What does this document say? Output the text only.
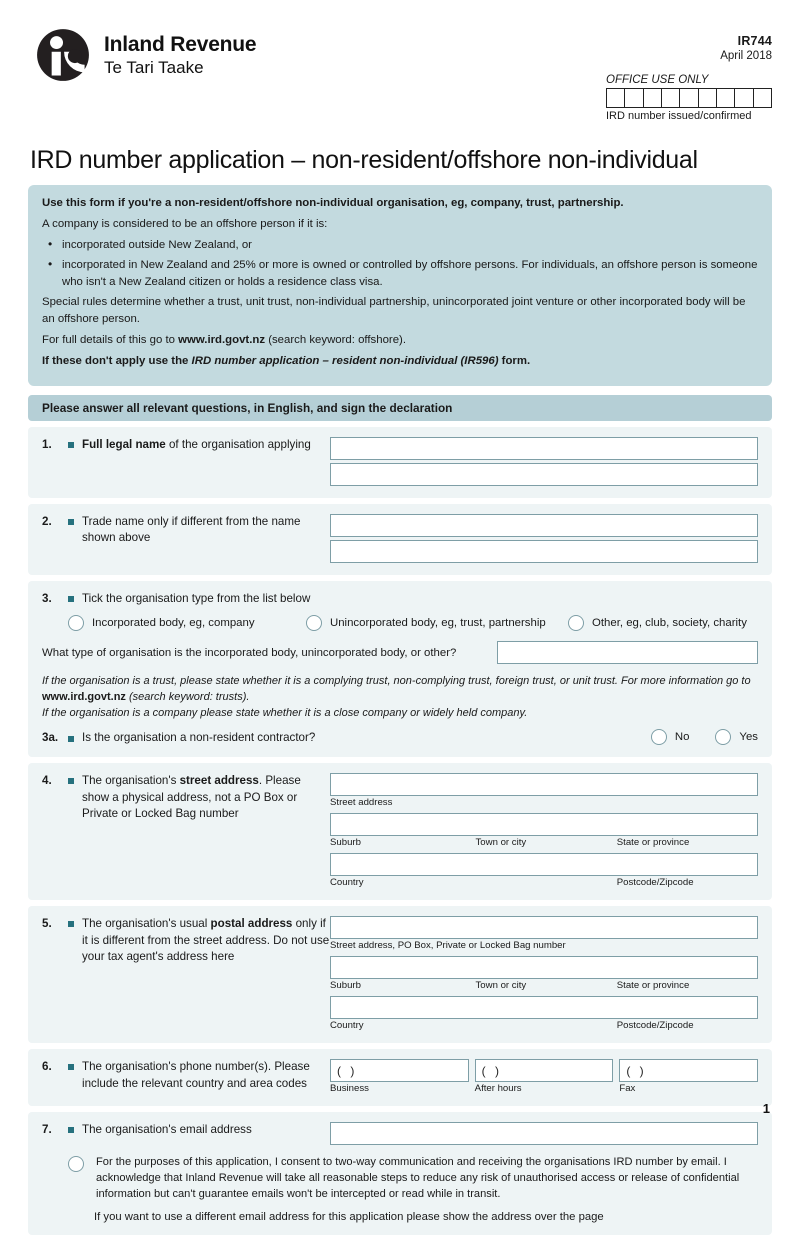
Inland Revenue
Te Tari Taake
IR744
April 2018
OFFICE USE ONLY
IRD number issued/confirmed
IRD number application – non-resident/offshore non-individual

Use this form if you're a non-resident/offshore non-individual organisation, eg, company, trust, partnership.

A company is considered to be an offshore person if it is:

• incorporated outside New Zealand, or
• incorporated in New Zealand and 25% or more is owned or controlled by offshore persons. For individuals, an offshore person is someone who isn't a New Zealand citizen or holds a residence class visa.

Special rules determine whether a trust, unit trust, non-individual partnership, unincorporated joint venture or other incorporated body will be an offshore person.

For full details of this go to www.ird.govt.nz (search keyword: offshore).

If these don't apply use the IRD number application – resident non-individual (IR596) form.

Please answer all relevant questions, in English, and sign the declaration
1.	Full legal name of the organisation applying
2.	Trade name only if different from the name shown above
3.	Tick the organisation type from the list below
Incorporated body, eg, company	Unincorporated body, eg, trust, partnership	Other, eg, club, society, charity
What type of organisation is the incorporated body, unincorporated body, or other?
If the organisation is a trust, please state whether it is a complying trust, non-complying trust, foreign trust, or unit trust. For more information go to www.ird.govt.nz (search keyword: trusts).
If the organisation is a company please state whether it is a close company or widely held company.
3a.	Is the organisation a non-resident contractor?	No	Yes
4.	The organisation's street address. Please show a physical address, not a PO Box or Private or Locked Bag number
Street address
Suburb	Town or city	State or province
Country	Postcode/Zipcode
5.	The organisation's usual postal address only if it is different from the street address. Do not use your tax agent's address here
Street address, PO Box, Private or Locked Bag number
Suburb	Town or city	State or province
Country	Postcode/Zipcode
6.	The organisation's phone number(s). Please include the relevant country and area codes
( )
Business
( )
After hours
( )
Fax
7.	The organisation's email address
For the purposes of this application, I consent to two-way communication and receiving the organisations IRD number by email. I acknowledge that Inland Revenue will take all reasonable steps to reduce any risk of unauthorised access or release of confidential information but can't guarantee emails won't be intercepted or read while in transit.
If you want to use a different email address for this application please show the address over the page
1
